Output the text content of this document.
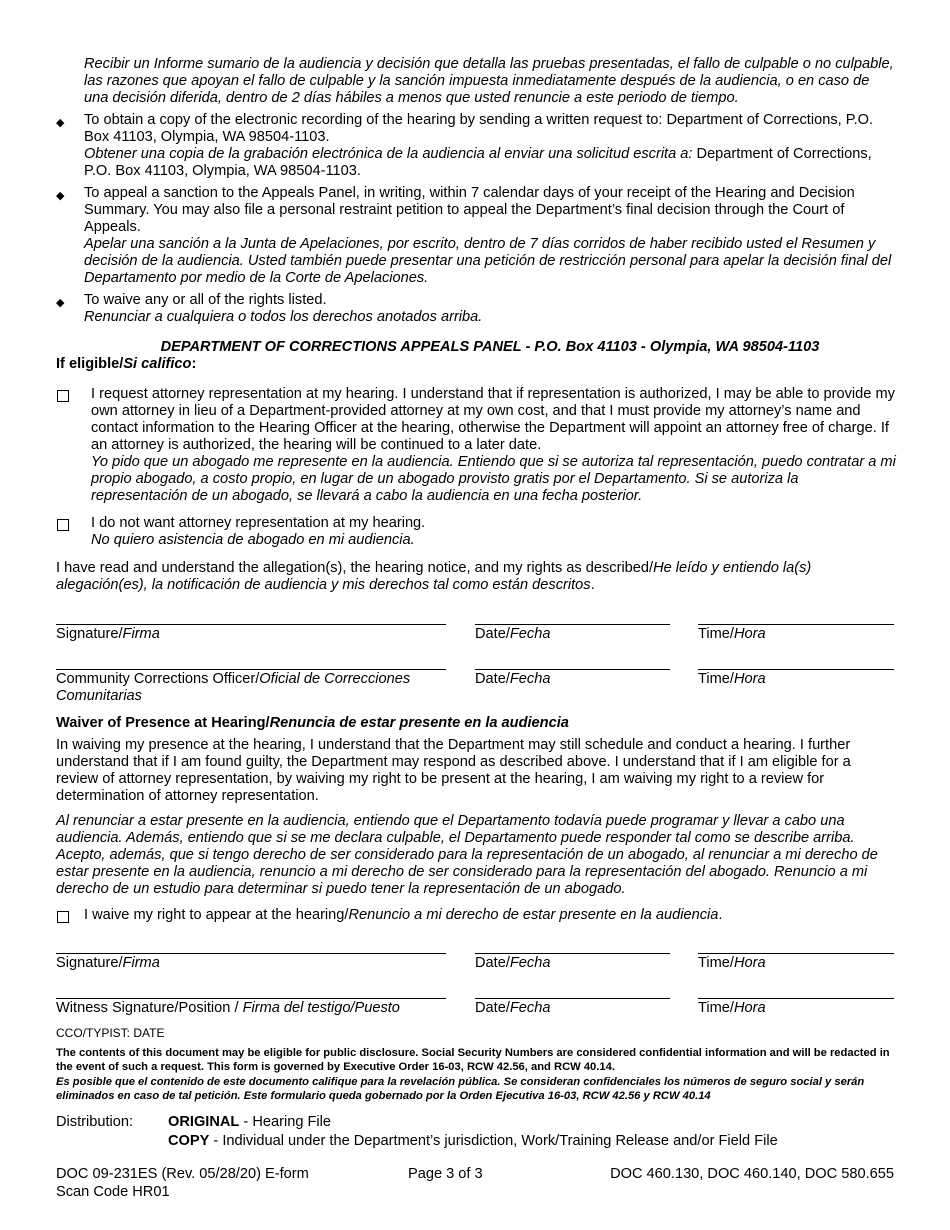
Recibir un Informe sumario de la audiencia y decisión que detalla las pruebas presentadas, el fallo de culpable o no culpable, las razones que apoyan el fallo de culpable y la sanción impuesta inmediatamente después de la audiencia, o en caso de una decisión diferida, dentro de 2 días hábiles a menos que usted renuncie a este periodo de tiempo.
◆ To obtain a copy of the electronic recording of the hearing by sending a written request to: Department of Corrections, P.O. Box 41103, Olympia, WA 98504-1103.
Obtener una copia de la grabación electrónica de la audiencia al enviar una solicitud escrita a: Department of Corrections, P.O. Box 41103, Olympia, WA 98504-1103.
◆ To appeal a sanction to the Appeals Panel, in writing, within 7 calendar days of your receipt of the Hearing and Decision Summary. You may also file a personal restraint petition to appeal the Department’s final decision through the Court of Appeals.
Apelar una sanción a la Junta de Apelaciones, por escrito, dentro de 7 días corridos de haber recibido usted el Resumen y decisión de la audiencia. Usted también puede presentar una petición de restricción personal para apelar la decisión final del Departamento por medio de la Corte de Apelaciones.
◆ To waive any or all of the rights listed.
Renunciar a cualquiera o todos los derechos anotados arriba.
DEPARTMENT OF CORRECTIONS APPEALS PANEL - P.O. Box 41103 - Olympia, WA 98504-1103
If eligible/Si califico:
I request attorney representation at my hearing. I understand that if representation is authorized, I may be able to provide my own attorney in lieu of a Department-provided attorney at my own cost, and that I must provide my attorney’s name and contact information to the Hearing Officer at the hearing, otherwise the Department will appoint an attorney free of charge. If an attorney is authorized, the hearing will be continued to a later date.
Yo pido que un abogado me represente en la audiencia. Entiendo que si se autoriza tal representación, puedo contratar a mi propio abogado, a costo propio, en lugar de un abogado provisto gratis por el Departamento. Si se autoriza la representación de un abogado, se llevará a cabo la audiencia en una fecha posterior.
I do not want attorney representation at my hearing.
No quiero asistencia de abogado en mi audiencia.
I have read and understand the allegation(s), the hearing notice, and my rights as described/He leído y entiendo la(s) alegación(es), la notificación de audiencia y mis derechos tal como están descritos.
Signature/Firma	Date/Fecha	Time/Hora
Community Corrections Officer/Oficial de Correcciones Comunitarias
Date/Fecha	Time/Hora
Waiver of Presence at Hearing/Renuncia de estar presente en la audiencia
In waiving my presence at the hearing, I understand that the Department may still schedule and conduct a hearing. I further understand that if I am found guilty, the Department may respond as described above. I understand that if I am eligible for a review of attorney representation, by waiving my right to be present at the hearing, I am waiving my right to a review for determination of attorney representation.
Al renunciar a estar presente en la audiencia, entiendo que el Departamento todavía puede programar y llevar a cabo una audiencia. Además, entiendo que si se me declara culpable, el Departamento puede responder tal como se describe arriba. Acepto, además, que si tengo derecho de ser considerado para la representación de un abogado, al renunciar a mi derecho de estar presente en la audiencia, renuncio a mi derecho de ser considerado para la representación del abogado. Renuncio a mi derecho de un estudio para determinar si puedo tener la representación de un abogado.
I waive my right to appear at the hearing/Renuncio a mi derecho de estar presente en la audiencia.
Signature/Firma	Date/Fecha	Time/Hora
Witness Signature/Position / Firma del testigo/Puesto	Date/Fecha	Time/Hora
CCO/TYPIST: DATE
The contents of this document may be eligible for public disclosure. Social Security Numbers are considered confidential information and will be redacted in the event of such a request. This form is governed by Executive Order 16-03, RCW 42.56, and RCW 40.14.
Es posible que el contenido de este documento califique para la revelación pública. Se consideran confidenciales los números de seguro social y serán eliminados en caso de tal petición. Este formulario queda gobernado por la Orden Ejecutiva 16-03, RCW 42.56 y RCW 40.14
Distribution: ORIGINAL - Hearing File
COPY - Individual under the Department’s jurisdiction, Work/Training Release and/or Field File
DOC 09-231ES (Rev. 05/28/20) E-form
Scan Code HR01
Page 3 of 3	DOC 460.130, DOC 460.140, DOC 580.655
